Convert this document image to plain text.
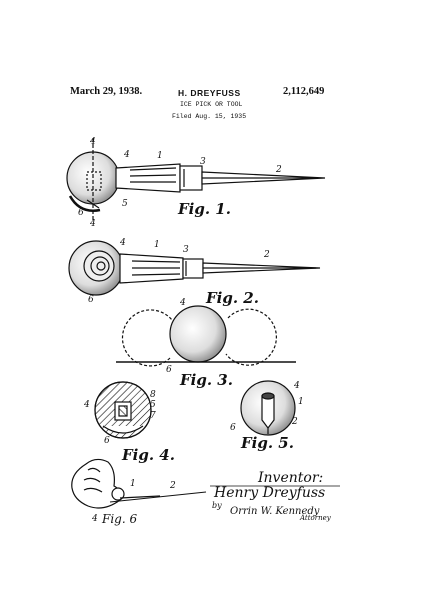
March 29, 1938.	H. DREYFUSS	2,112,649
ICE PICK OR TOOL
Filed Aug. 15, 1935
4
4	1
3
2
6
5
4
Fig. 1.
4	1	3	2
6	Fig. 2.
4
6
Fig. 3.
8
4	5
7
6
Fig. 4.
4
1
2
6
Fig. 5.
1	2
4 Fig. 6
Inventor:
Henry Dreyfuss
by
Orrin W. Kennedy
Attorney
